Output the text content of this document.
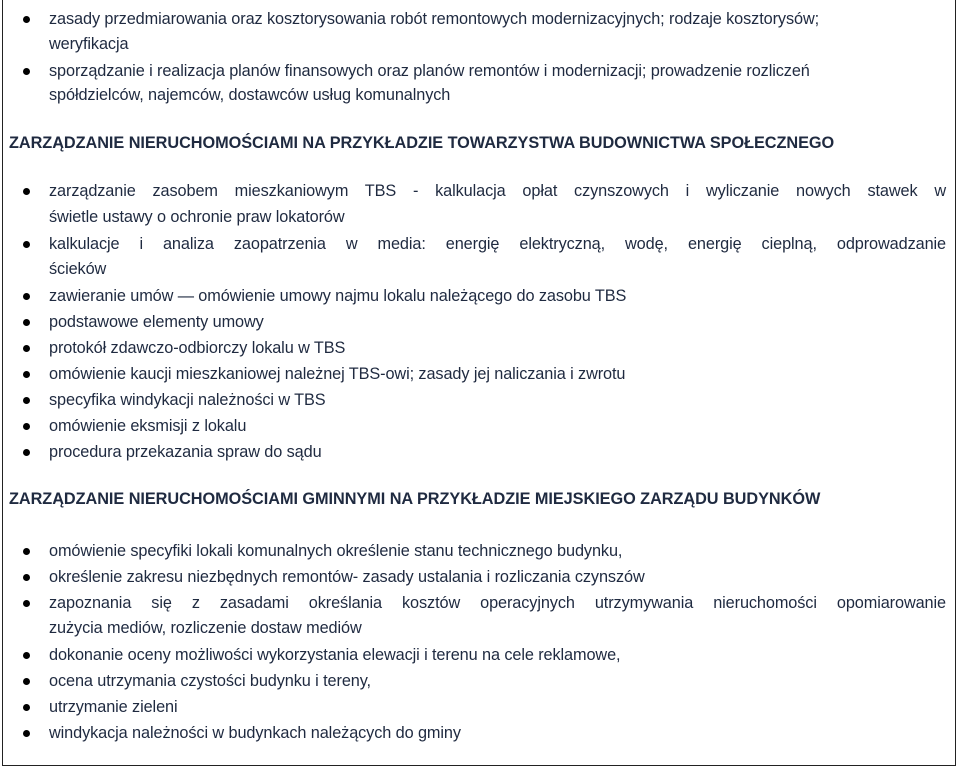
zasady przedmiarowania oraz kosztorysowania robót remontowych modernizacyjnych; rodzaje kosztorysów;
weryfikacja
sporządzanie i realizacja planów finansowych oraz planów remontów i modernizacji; prowadzenie rozliczeń
spółdzielców, najemców, dostawców usług komunalnych
ZARZĄDZANIE NIERUCHOMOŚCIAMI NA PRZYKŁADZIE TOWARZYSTWA BUDOWNICTWA SPOŁECZNEGO
zarządzanie zasobem mieszkaniowym TBS - kalkulacja opłat czynszowych i wyliczanie nowych stawek w
świetle ustawy o ochronie praw lokatorów
kalkulacje i analiza zaopatrzenia w media: energię elektryczną, wodę, energię cieplną, odprowadzanie
ścieków
zawieranie umów — omówienie umowy najmu lokalu należącego do zasobu TBS
podstawowe elementy umowy
protokół zdawczo-odbiorczy lokalu w TBS
omówienie kaucji mieszkaniowej należnej TBS-owi; zasady jej naliczania i zwrotu
specyfika windykacji należności w TBS
omówienie eksmisji z lokalu
procedura przekazania spraw do sądu
ZARZĄDZANIE NIERUCHOMOŚCIAMI GMINNYMI NA PRZYKŁADZIE MIEJSKIEGO ZARZĄDU BUDYNKÓW
omówienie specyfiki lokali komunalnych określenie stanu technicznego budynku,
określenie zakresu niezbędnych remontów- zasady ustalania i rozliczania czynszów
zapoznania się z zasadami określania kosztów operacyjnych utrzymywania nieruchomości opomiarowanie
zużycia mediów, rozliczenie dostaw mediów
dokonanie oceny możliwości wykorzystania elewacji i terenu na cele reklamowe,
ocena utrzymania czystości budynku i tereny,
utrzymanie zieleni
windykacja należności w budynkach należących do gminy
